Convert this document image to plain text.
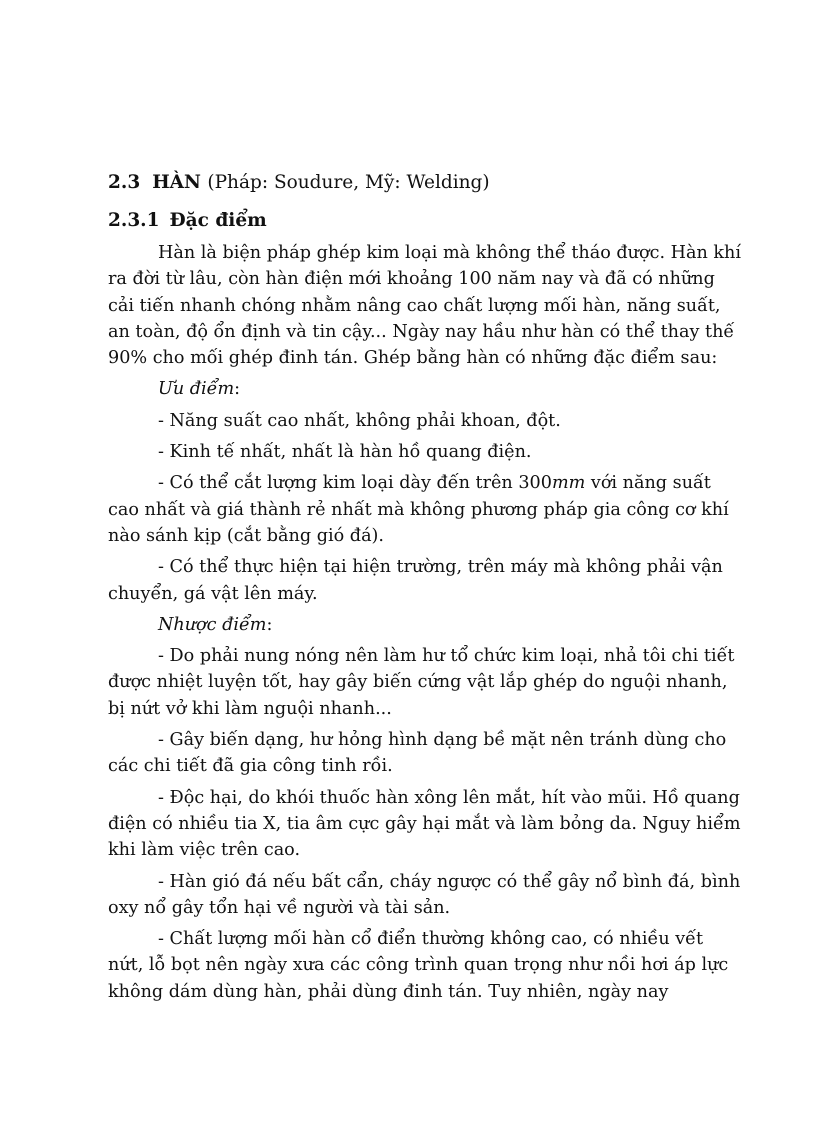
2.3 HÀN (Pháp: Soudure, Mỹ: Welding)
2.3.1 Đặc điểm

Hàn là biện pháp ghép kim loại mà không thể tháo được. Hàn khí ra đời từ lâu, còn hàn điện mới khoảng 100 năm nay và đã có những cải tiến nhanh chóng nhằm nâng cao chất lượng mối hàn, năng suất, an toàn, độ ổn định và tin cậy... Ngày nay hầu như hàn có thể thay thế 90% cho mối ghép đinh tán. Ghép bằng hàn có những đặc điểm sau:

Ưu điểm:

- Năng suất cao nhất, không phải khoan, đột.

- Kinh tế nhất, nhất là hàn hồ quang điện.

- Có thể cắt lượng kim loại dày đến trên 300mm với năng suất cao nhất và giá thành rẻ nhất mà không phương pháp gia công cơ khí nào sánh kịp (cắt bằng gió đá).

- Có thể thực hiện tại hiện trường, trên máy mà không phải vận chuyển, gá vật lên máy.

Nhược điểm:

- Do phải nung nóng nên làm hư tổ chức kim loại, nhả tôi chi tiết được nhiệt luyện tốt, hay gây biến cứng vật lắp ghép do nguội nhanh, bị nứt vở khi làm nguội nhanh...

- Gây biến dạng, hư hỏng hình dạng bề mặt nên tránh dùng cho các chi tiết đã gia công tinh rồi.

- Độc hại, do khói thuốc hàn xông lên mắt, hít vào mũi. Hồ quang điện có nhiều tia X, tia âm cực gây hại mắt và làm bỏng da. Nguy hiểm khi làm việc trên cao.

- Hàn gió đá nếu bất cẩn, cháy ngược có thể gây nổ bình đá, bình oxy nổ gây tổn hại về người và tài sản.

- Chất lượng mối hàn cổ điển thường không cao, có nhiều vết nứt, lỗ bọt nên ngày xưa các công trình quan trọng như nồi hơi áp lực không dám dùng hàn, phải dùng đinh tán. Tuy nhiên, ngày nay
